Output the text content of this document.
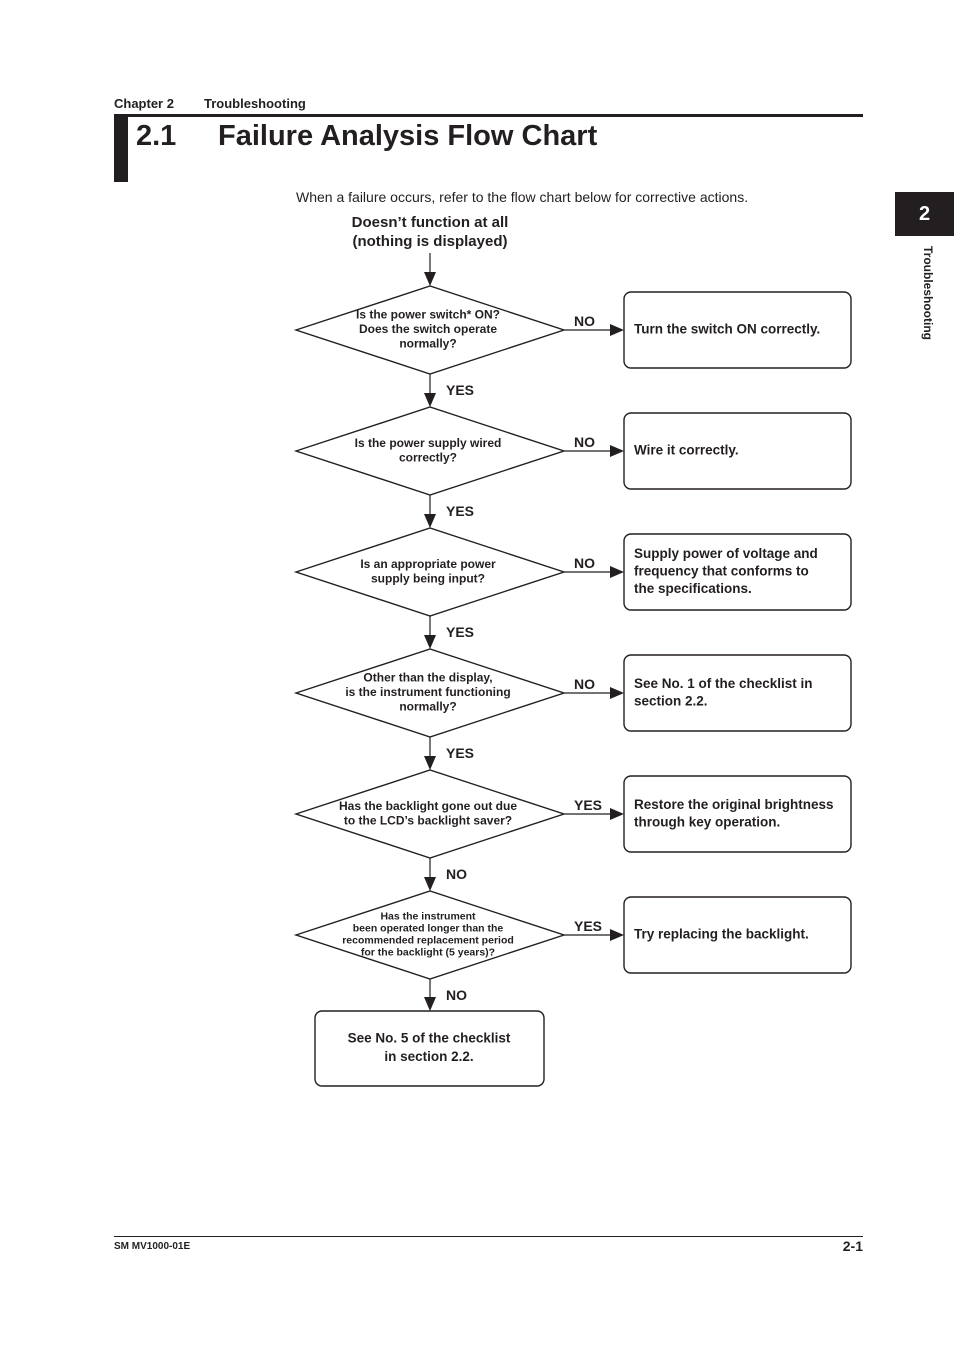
Chapter 2 Troubleshooting
2.1 Failure Analysis Flow Chart
2
Troubleshooting
When a failure occurs, refer to the flow chart below for corrective actions.
Doesn’t function at all
(nothing is displayed)
Is the power switch* ON?
Does the switch operate
normally?
NO
Turn the switch ON correctly.
YES
Is the power supply wired
correctly?
NO
Wire it correctly.
YES
Is an appropriate power
supply being input?
NO
Supply power of voltage and
frequency that conforms to
the specifications.
YES
Other than the display,
is the instrument functioning
normally?
NO	See No. 1 of the checklist in
section 2.2.
YES
Has the backlight gone out due
to the LCD’s backlight saver?
YES Restore the original brightness
through key operation.
NO
Has the instrument
been operated longer than the
recommended replacement period
for the backlight (5 years)?
YES
Try replacing the backlight.
NO
See No. 5 of the checklist
in section 2.2.
SM MV1000-01E	2-1
